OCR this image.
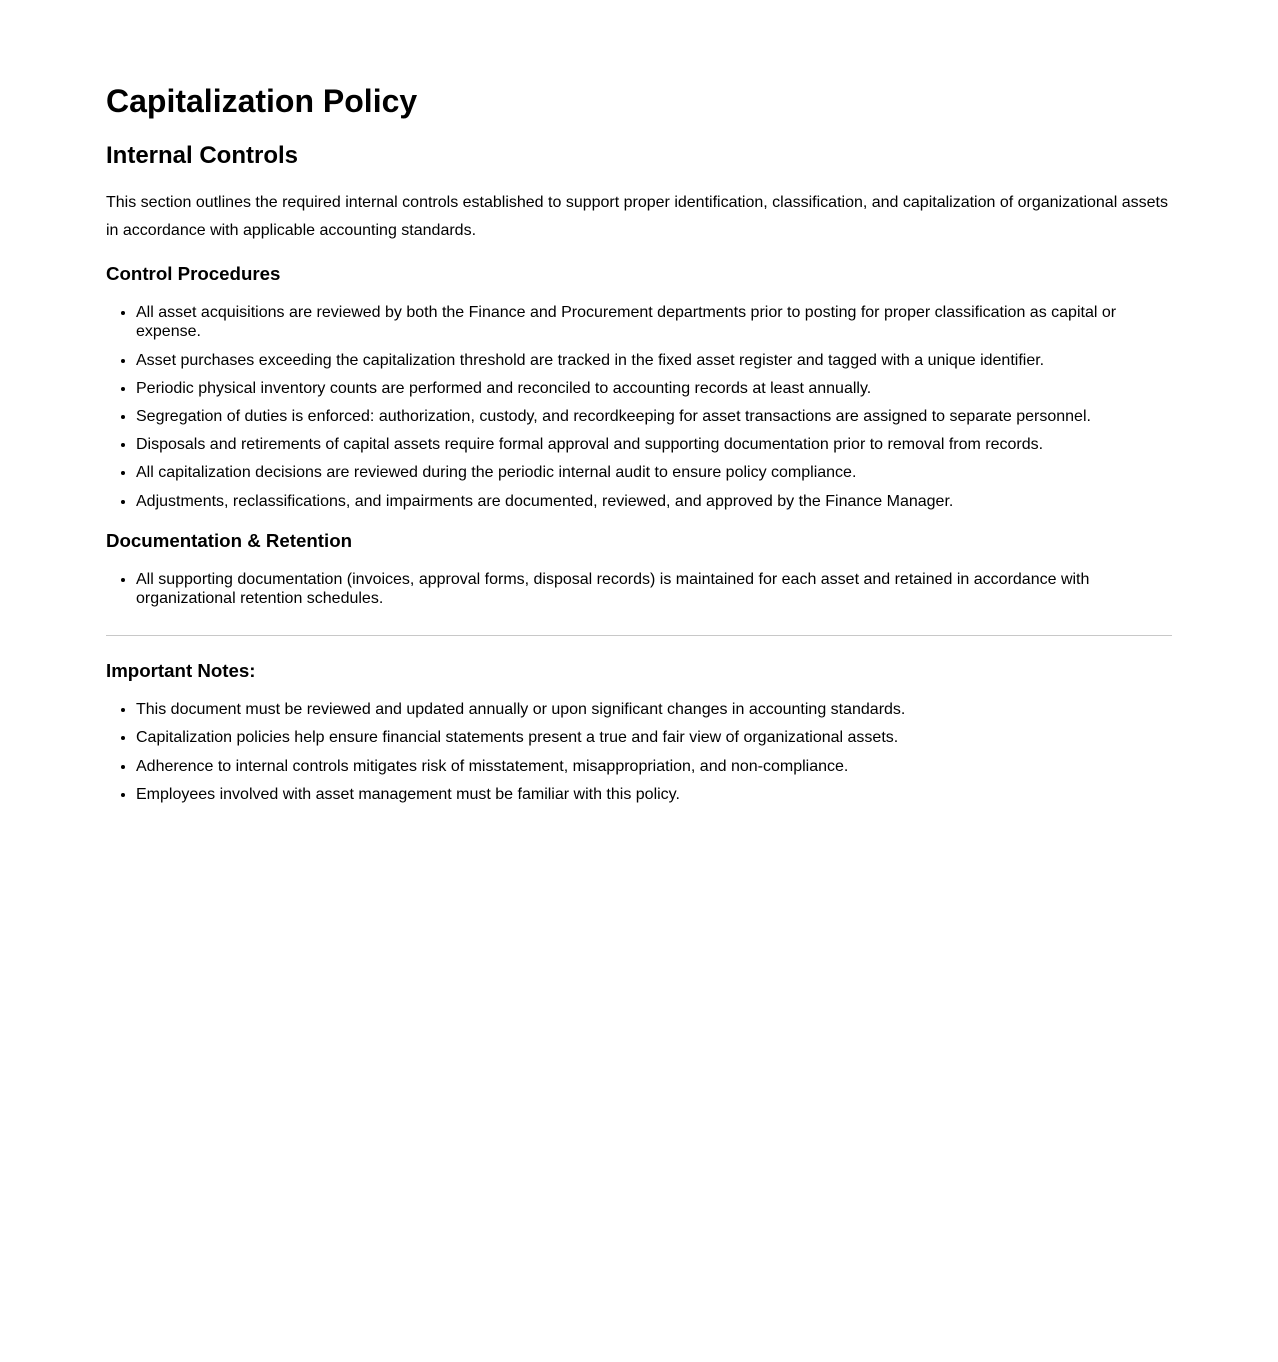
Capitalization Policy
Internal Controls

This section outlines the required internal controls established to support proper identification, classification, and capitalization of organizational assets in accordance with applicable accounting standards.

Control Procedures
• All asset acquisitions are reviewed by both the Finance and Procurement departments prior to posting for proper classification as capital or expense.
• Asset purchases exceeding the capitalization threshold are tracked in the fixed asset register and tagged with a unique identifier.
• Periodic physical inventory counts are performed and reconciled to accounting records at least annually.
• Segregation of duties is enforced: authorization, custody, and recordkeeping for asset transactions are assigned to separate personnel.
• Disposals and retirements of capital assets require formal approval and supporting documentation prior to removal from records.
• All capitalization decisions are reviewed during the periodic internal audit to ensure policy compliance.
• Adjustments, reclassifications, and impairments are documented, reviewed, and approved by the Finance Manager.
Documentation & Retention
• All supporting documentation (invoices, approval forms, disposal records) is maintained for each asset and retained in accordance with organizational retention schedules.
Important Notes:
• This document must be reviewed and updated annually or upon significant changes in accounting standards.
• Capitalization policies help ensure financial statements present a true and fair view of organizational assets.
• Adherence to internal controls mitigates risk of misstatement, misappropriation, and non-compliance.
• Employees involved with asset management must be familiar with this policy.
